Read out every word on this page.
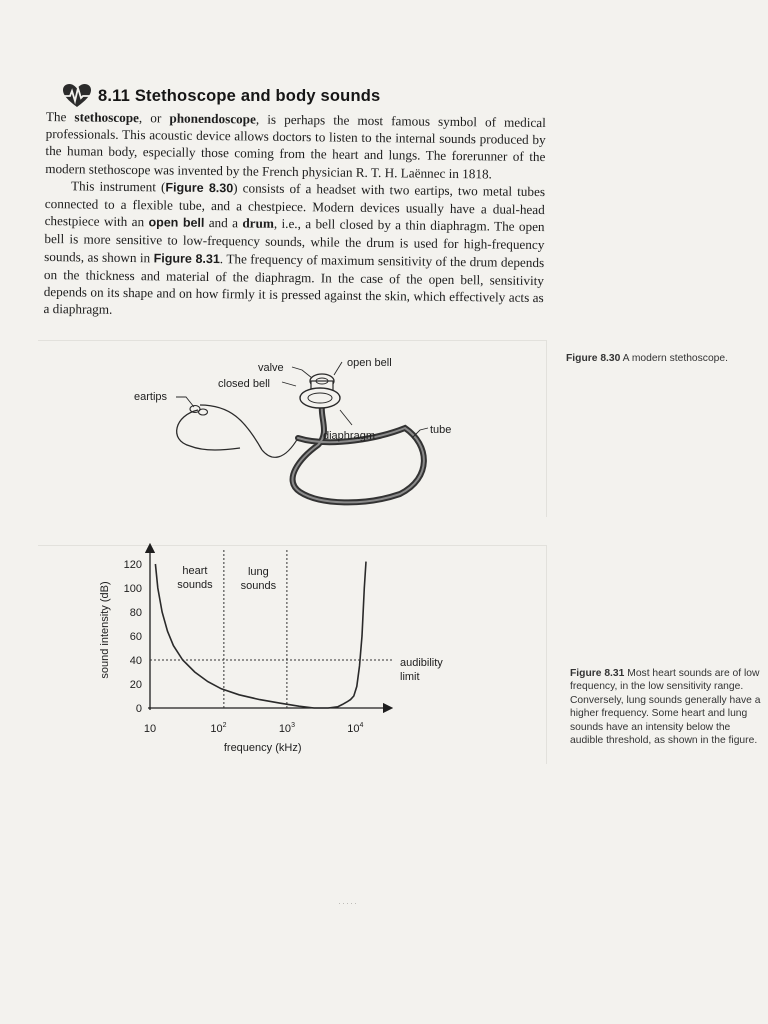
8.11 Stethoscope and body sounds

The stethoscope, or phonendoscope, is perhaps the most famous symbol of medical professionals. This acoustic device allows doctors to listen to the internal sounds produced by the human body, especially those coming from the heart and lungs. The forerunner of the modern stethoscope was invented by the French physician R. T. H. Laënnec in 1818.

This instrument (Figure 8.30) consists of a headset with two eartips, two metal tubes connected to a flexible tube, and a chestpiece. Modern devices usually have a dual-head chestpiece with an open bell and a drum, i.e., a bell closed by a thin diaphragm. The open bell is more sensitive to low-frequency sounds, while the drum is used for high-frequency sounds, as shown in Figure 8.31. The frequency of maximum sensitivity of the drum depends on the thickness and material of the diaphragm. In the case of the open bell, sensitivity depends on its shape and on how firmly it is pressed against the skin, which effectively acts as a diaphragm.

valve	open bell
closed bell
eartips
tube
diaphragm
Figure 8.30 A modern stethoscope.
0
20
40
60
80
100
120
10	$10^2$	$10^3$	$10^4$
sound intensity (dB)
frequency (kHz)
heart
sounds
lung
sounds
audibility
limit	Figure 8.31 Most heart sounds are of low frequency, in the low sensitivity range. Conversely, lung sounds generally have a higher frequency. Some heart and lung sounds have an intensity below the audible threshold, as shown in the figure.
·····
